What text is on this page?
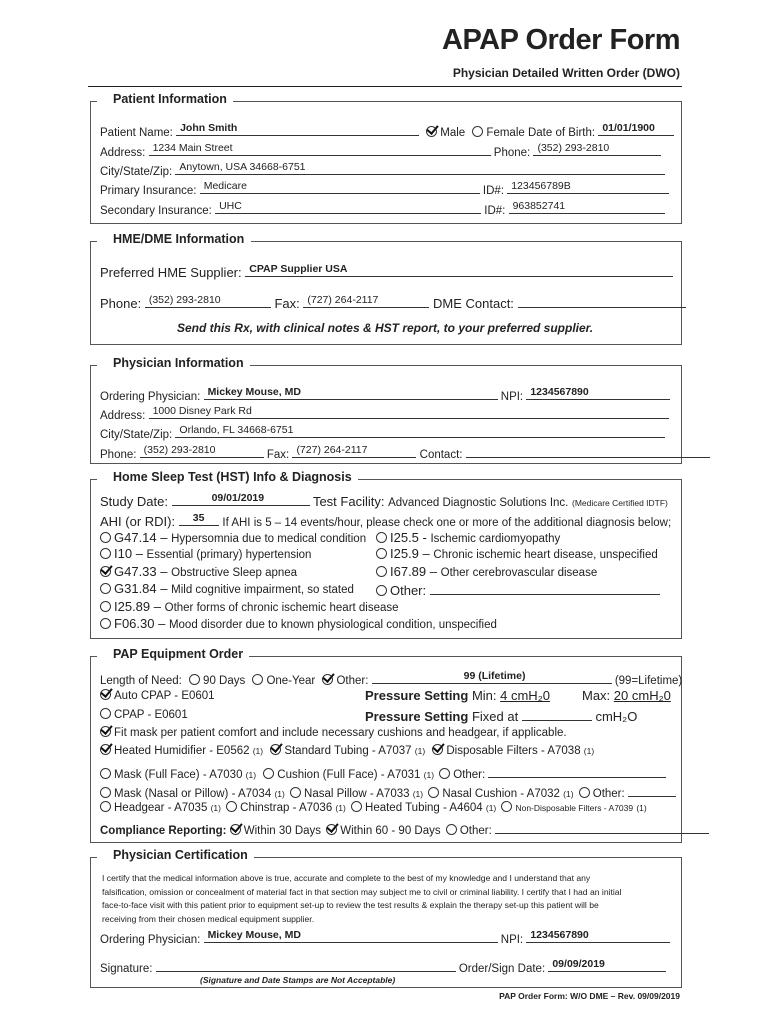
APAP Order Form
Physician Detailed Written Order (DWO)
Patient Information
Patient Name: John Smith	Male Female Date of Birth: 01/01/1900
Address: 1234 Main Street	Phone: (352) 293-2810
City/State/Zip: Anytown, USA 34668-6751
Primary Insurance: Medicare	ID#: 123456789B
Secondary Insurance: UHC	ID#: 963852741
HME/DME Information
Preferred HME Supplier: CPAP Supplier USA
Phone: (352) 293-2810	Fax: (727) 264-2117	DME Contact:
Send this Rx, with clinical notes & HST report, to your preferred supplier.
Physician Information
Ordering Physician: Mickey Mouse, MD	NPI: 1234567890
Address: 1000 Disney Park Rd
City/State/Zip: Orlando, FL 34668-6751
Phone: (352) 293-2810	Fax: (727) 264-2117	Contact:
Home Sleep Test (HST) Info & Diagnosis
Study Date:	09/01/2019	Test Facility: Advanced Diagnostic Solutions Inc. (Medicare Certified IDTF)
AHI (or RDI): 35 If AHI is 5 – 14 events/hour, please check one or more of the additional diagnosis below;
G47.14 – Hypersomnia due to medical condition	I25.5 - Ischemic cardiomyopathy
I10 – Essential (primary) hypertension	I25.9 – Chronic ischemic heart disease, unspecified
G47.33 – Obstructive Sleep apnea	I67.89 – Other cerebrovascular disease
G31.84 – Mild cognitive impairment, so stated	Other:
I25.89 – Other forms of chronic ischemic heart disease
F06.30 – Mood disorder due to known physiological condition, unspecified
PAP Equipment Order
Length of Need: 90 Days One-Year Other:	99 (Lifetime)	(99=Lifetime)
Auto CPAP - E0601	Pressure Setting Min: 4 cmH₂0 Max: 20 cmH₂0
CPAP - E0601	Pressure Setting Fixed at	cmH₂O
Fit mask per patient comfort and include necessary cushions and headgear, if applicable.
Heated Humidifier - E0562 (1) Standard Tubing - A7037 (1) Disposable Filters - A7038 (1)
Mask (Full Face) - A7030 (1) Cushion (Full Face) - A7031 (1) Other:
Mask (Nasal or Pillow) - A7034 (1) Nasal Pillow - A7033 (1) Nasal Cushion - A7032 (1) Other:
Headgear - A7035 (1) Chinstrap - A7036 (1) Heated Tubing - A4604 (1) Non-Disposable Filters - A7039 (1)
Compliance Reporting: Within 30 Days Within 60 - 90 Days Other:
Physician Certification
I certify that the medical information above is true, accurate and complete to the best of my knowledge and I understand that any
falsification, omission or concealment of material fact in that section may subject me to civil or criminal liability. I certify that I had an initial
face-to-face visit with this patient prior to equipment set-up to review the test results & explain the therapy set-up this patient will be
receiving from their chosen medical equipment supplier.
Ordering Physician: Mickey Mouse, MD	NPI: 1234567890
Signature:	Order/Sign Date: 09/09/2019
(Signature and Date Stamps are Not Acceptable)
PAP Order Form: W/O DME – Rev. 09/09/2019
